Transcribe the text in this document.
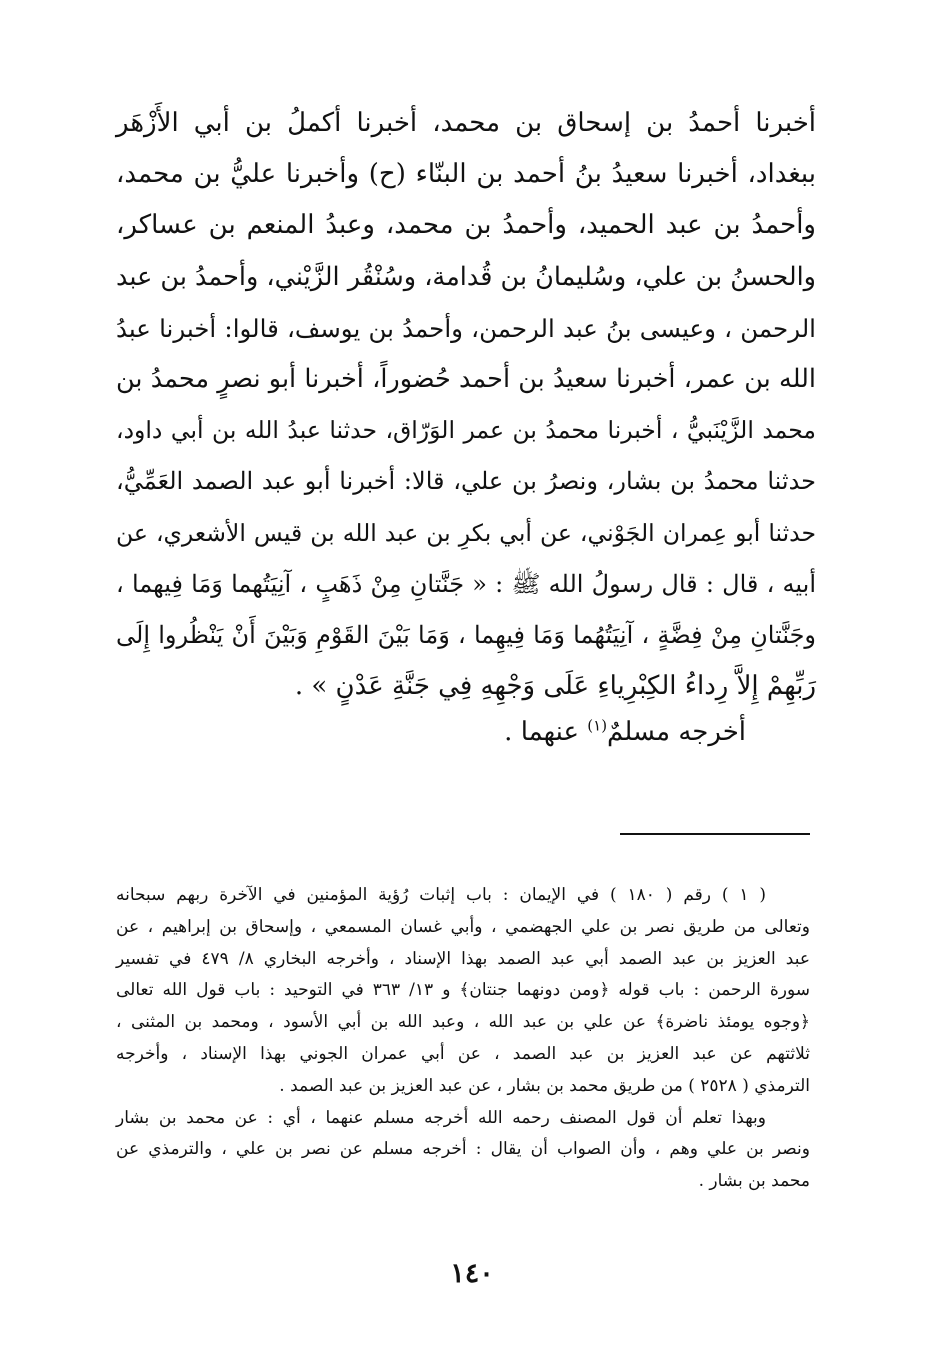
أخبرنا أحمدُ بن إسحاق بن محمد، أخبرنا أكملُ بن أبي الأَزْهَر
ببغداد، أخبرنا سعيدُ بنُ أحمد بن البنّاء (ح) وأخبرنا عليُّ بن محمد،
وأحمدُ بن عبد الحميد، وأحمدُ بن محمد، وعبدُ المنعم بن عساكر،
والحسنُ بن علي، وسُليمانُ بن قُدامة، وسُنْقُر الزَّيْني، وأحمدُ بن عبد
الرحمن ، وعيسى بنُ عبد الرحمن، وأحمدُ بن يوسف، قالوا: أخبرنا عبدُ
الله بن عمر، أخبرنا سعيدُ بن أحمد حُضوراً، أخبرنا أبو نصرٍ محمدُ بن
محمد الزَّيْنَبيُّ ، أخبرنا محمدُ بن عمر الوَرّاق، حدثنا عبدُ الله بن أبي داود،
حدثنا محمدُ بن بشار، ونصرُ بن علي، قالا: أخبرنا أبو عبد الصمد العَمِّيُّ،
حدثنا أبو عِمران الجَوْني، عن أبي بكرِ بن عبد الله بن قيس الأشعري، عن
أبيه ، قال : قال رسولُ الله ﷺ : « جَنَّتانِ مِنْ ذَهَبٍ ، آنِيَتُهما وَمَا فِيهما ،
وجَنَّتانِ مِنْ فِضَّةٍ ، آنِيَتُهُما وَمَا فِيهِما ، وَمَا بَيْنَ القَوْمِ وَبَيْنَ أَنْ يَنْظُروا إِلَى
رَبِّهِمْ إِلاَّ رِداءُ الكِبْرِياءِ عَلَى وَجْهِهِ فِي جَنَّةِ عَدْنٍ » .
أخرجه مسلمٌ$^{(١)}$ عنهما .
( ١ ) رقم ( ١٨٠ ) في الإيمان : باب إثبات رُؤية المؤمنين في الآخرة ربهم سبحانه
وتعالى من طريق نصر بن علي الجهضمي ، وأبي غسان المسمعي ، وإسحاق بن إبراهيم ، عن
عبد العزيز بن عبد الصمد أبي عبد الصمد بهذا الإسناد ، وأخرجه البخاري ٨/ ٤٧٩ في تفسير
سورة الرحمن : باب قوله ﴿ومن دونهما جنتان﴾ و ١٣/ ٣٦٣ في التوحيد : باب قول الله تعالى
﴿وجوه يومئذ ناضرة﴾ عن علي بن عبد الله ، وعبد الله بن أبي الأسود ، ومحمد بن المثنى ،
ثلاثتهم عن عبد العزيز بن عبد الصمد ، عن أبي عمران الجوني بهذا الإسناد ، وأخرجه
الترمذي ( ٢٥٢٨ ) من طريق محمد بن بشار ، عن عبد العزيز بن عبد الصمد .
وبهذا تعلم أن قول المصنف رحمه الله أخرجه مسلم عنهما ، أي : عن محمد بن بشار
ونصر بن علي وهم ، وأن الصواب أن يقال : أخرجه مسلم عن نصر بن علي ، والترمذي عن
محمد بن بشار .
١٤٠
